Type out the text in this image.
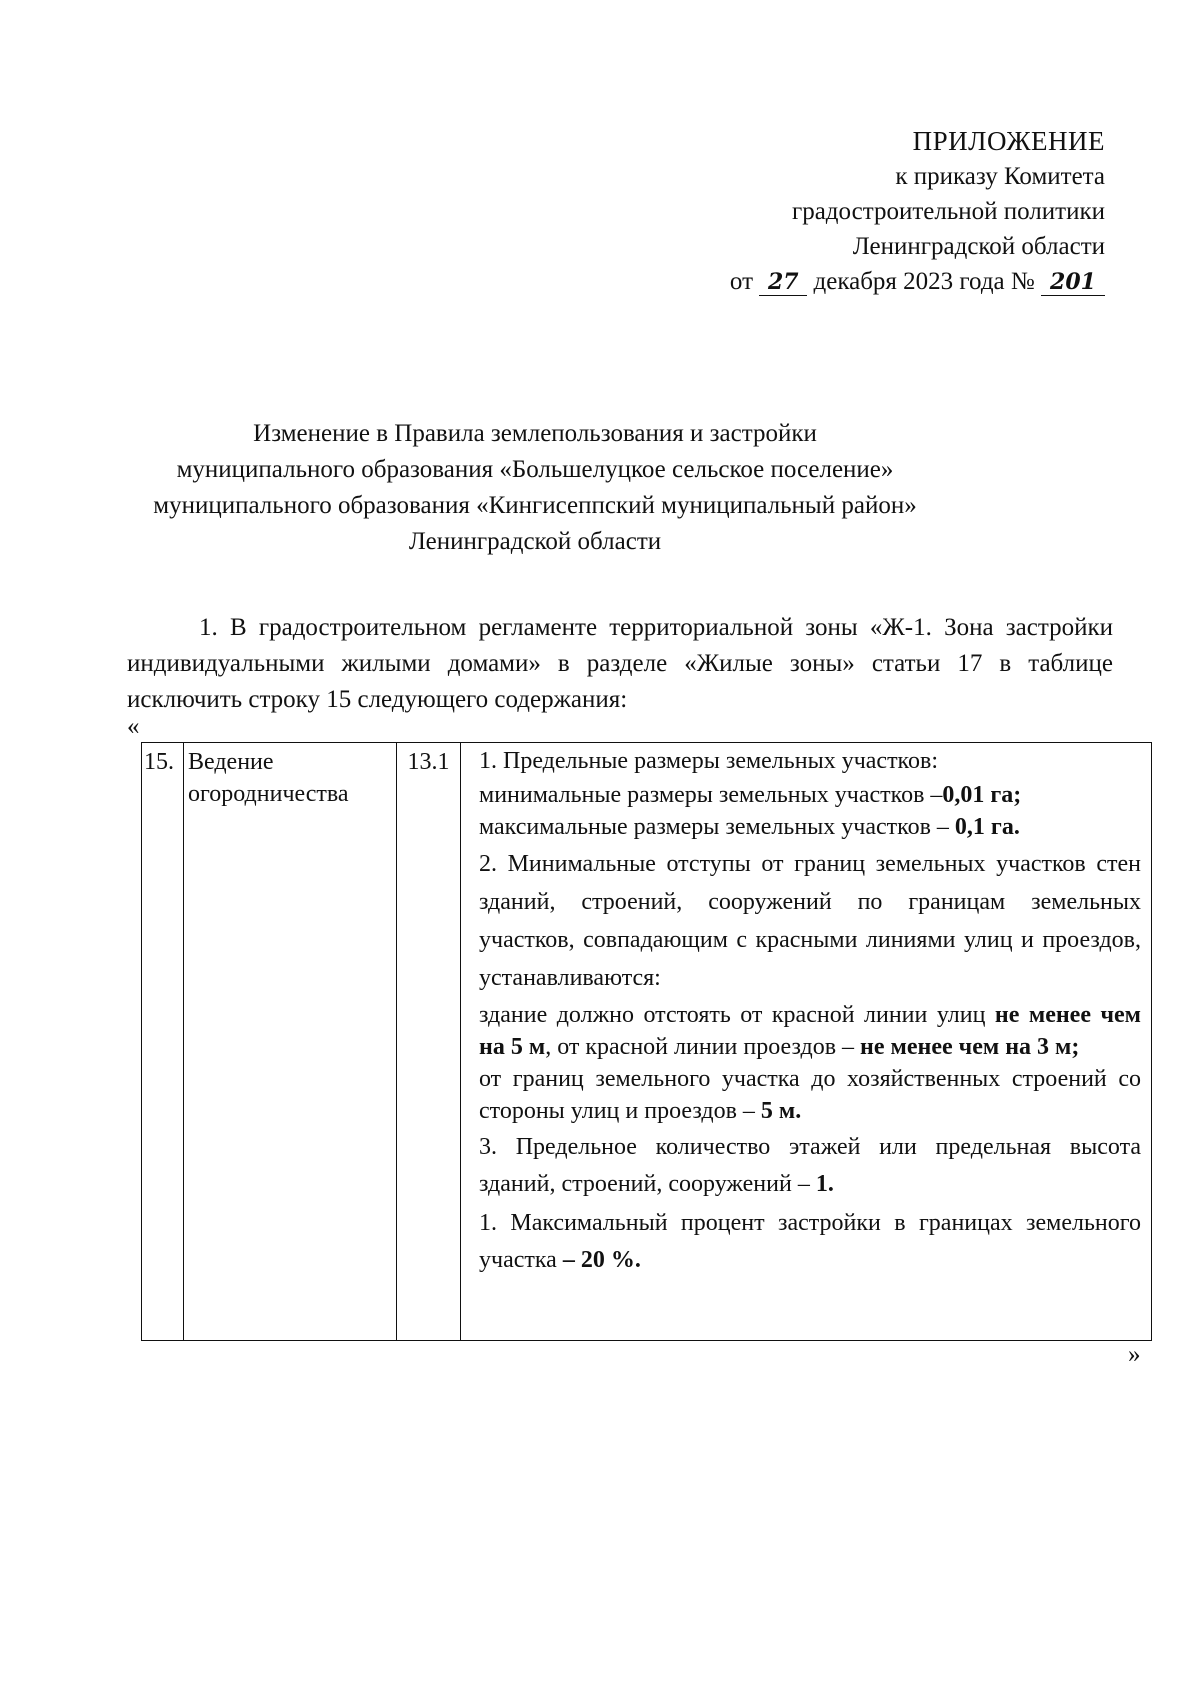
ПРИЛОЖЕНИЕ
к приказу Комитета
градостроительной политики
Ленинградской области
от 27 декабря 2023 года № 201
Изменение в Правила землепользования и застройки
муниципального образования «Большелуцкое сельское поселение»
муниципального образования «Кингисеппский муниципальный район»
Ленинградской области
1. В градостроительном регламенте территориальной зоны «Ж-1. Зона застройки индивидуальными жилыми домами» в разделе «Жилые зоны» статьи 17 в таблице исключить строку 15 следующего содержания:
«
15.	Ведение огородничества	13.1	1. Предельные размеры земельных участков:

минимальные размеры земельных участков –0,01 га;

максимальные размеры земельных участков – 0,1 га.

2. Минимальные отступы от границ земельных участков стен зданий, строений, сооружений по границам земельных участков, совпадающим с красными линиями улиц и проездов, устанавливаются:

здание должно отстоять от красной линии улиц не менее чем на 5 м, от красной линии проездов – не менее чем на 3 м;

от границ земельного участка до хозяйственных строений со стороны улиц и проездов – 5 м.

3. Предельное количество этажей или предельная высота зданий, строений, сооружений – 1.

1. Максимальный процент застройки в границах земельного участка – 20 %.

»
